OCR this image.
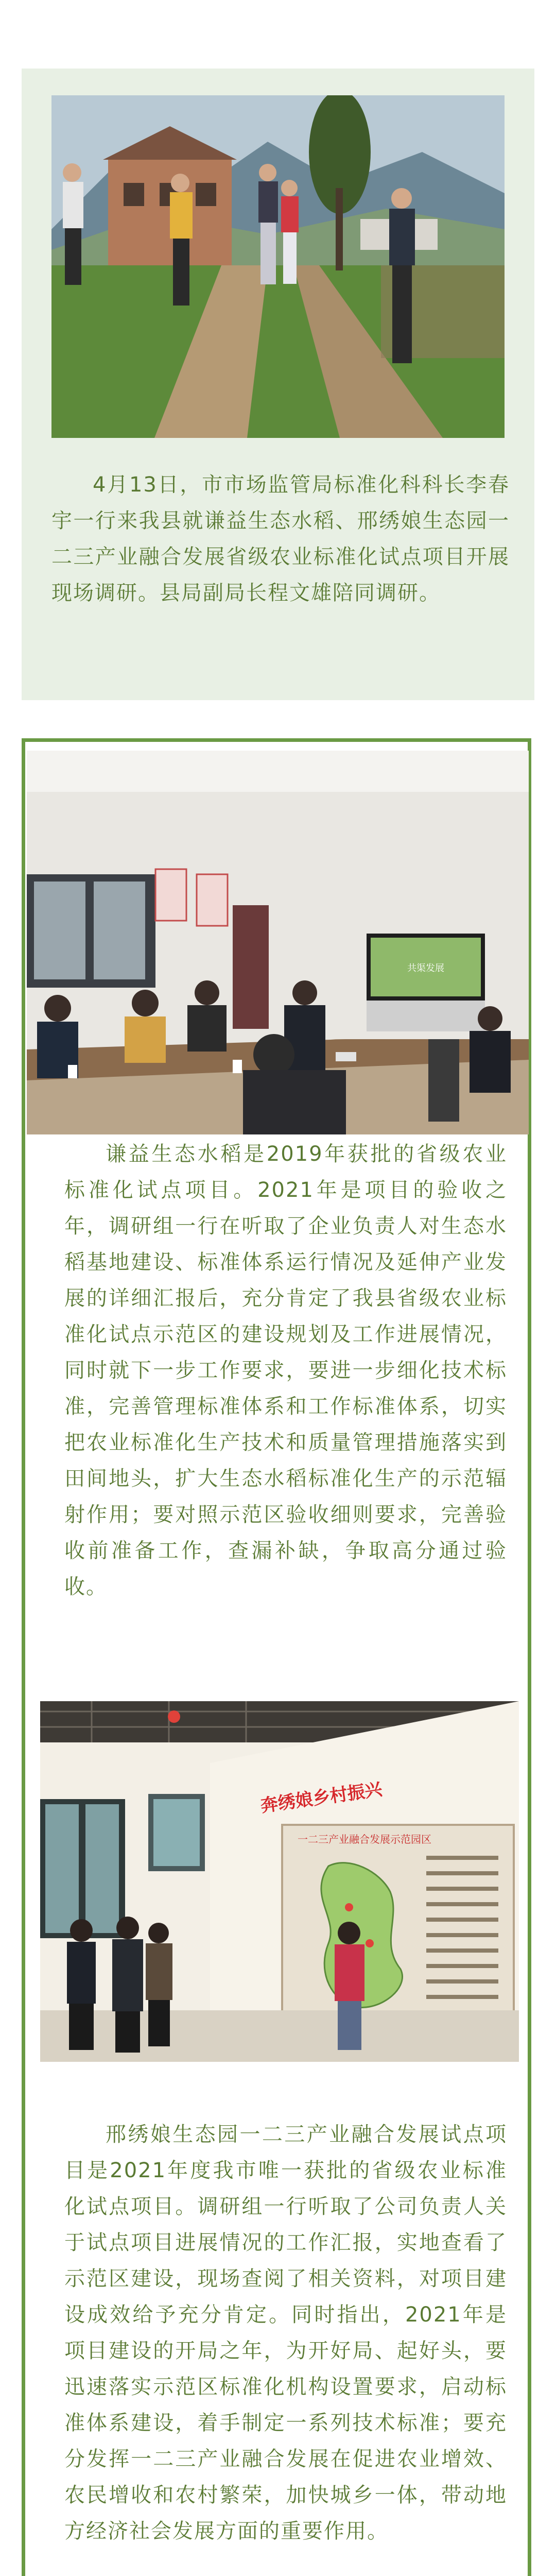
4月13日，市市场监管局标准化科科长李春宇一行来我县就谦益生态水稻、邢绣娘生态园一二三产业融合发展省级农业标准化试点项目开展现场调研。县局副局长程文雄陪同调研。

共渠发展

谦益生态水稻是2019年获批的省级农业标准化试点项目。2021年是项目的验收之年，调研组一行在听取了企业负责人对生态水稻基地建设、标准体系运行情况及延伸产业发展的详细汇报后，充分肯定了我县省级农业标准化试点示范区的建设规划及工作进展情况，同时就下一步工作要求，要进一步细化技术标准，完善管理标准体系和工作标准体系，切实把农业标准化生产技术和质量管理措施落实到田间地头，扩大生态水稻标准化生产的示范辐射作用；要对照示范区验收细则要求，完善验收前准备工作，查漏补缺，争取高分通过验收。

奔绣娘乡村振兴
一二三产业融合发展示范园区

邢绣娘生态园一二三产业融合发展试点项目是2021年度我市唯一获批的省级农业标准化试点项目。调研组一行听取了公司负责人关于试点项目进展情况的工作汇报，实地查看了示范区建设，现场查阅了相关资料，对项目建设成效给予充分肯定。同时指出，2021年是项目建设的开局之年，为开好局、起好头，要迅速落实示范区标准化机构设置要求，启动标准体系建设，着手制定一系列技术标准；要充分发挥一二三产业融合发展在促进农业增效、农民增收和农村繁荣，加快城乡一体，带动地方经济社会发展方面的重要作用。
